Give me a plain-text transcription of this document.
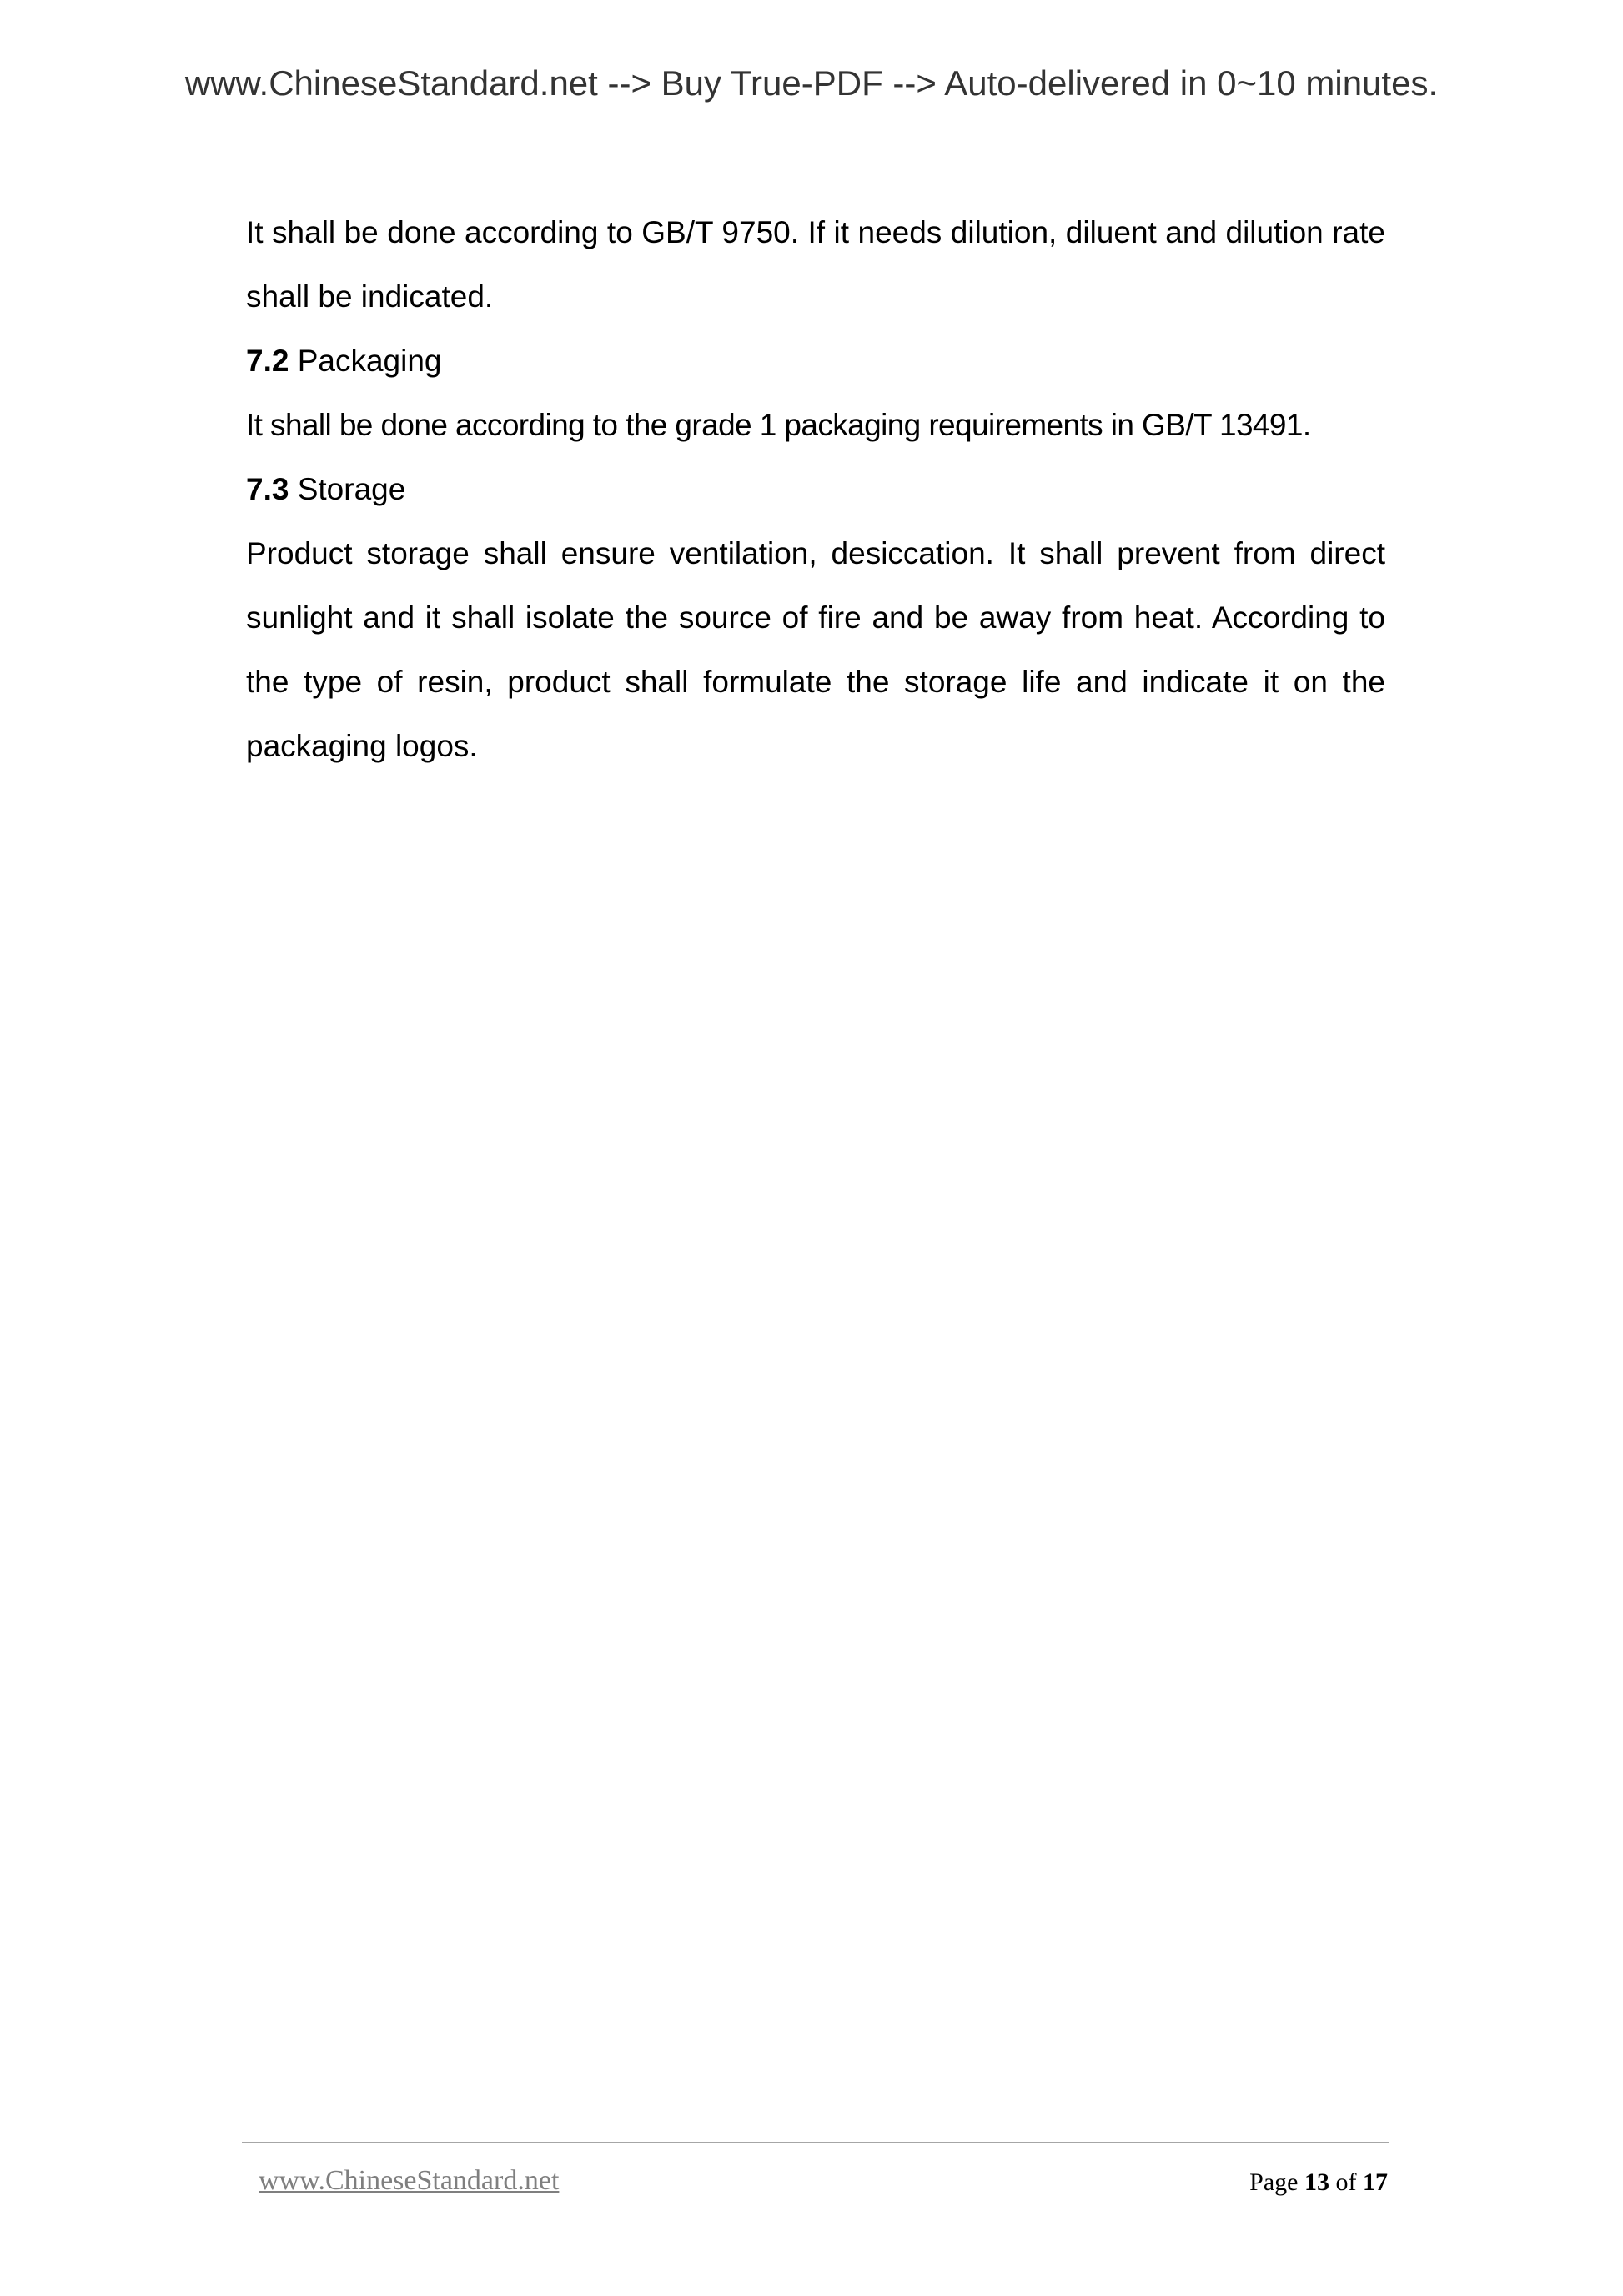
www.ChineseStandard.net --> Buy True-PDF --> Auto-delivered in 0~10 minutes.

It shall be done according to GB/T 9750. If it needs dilution, diluent and dilution rate shall be indicated.

7.2 Packaging

It shall be done according to the grade 1 packaging requirements in GB/T 13491.

7.3 Storage

Product storage shall ensure ventilation, desiccation. It shall prevent from direct sunlight and it shall isolate the source of fire and be away from heat. According to the type of resin, product shall formulate the storage life and indicate it on the packaging logos.

www.ChineseStandard.net	Page 13 of 17
